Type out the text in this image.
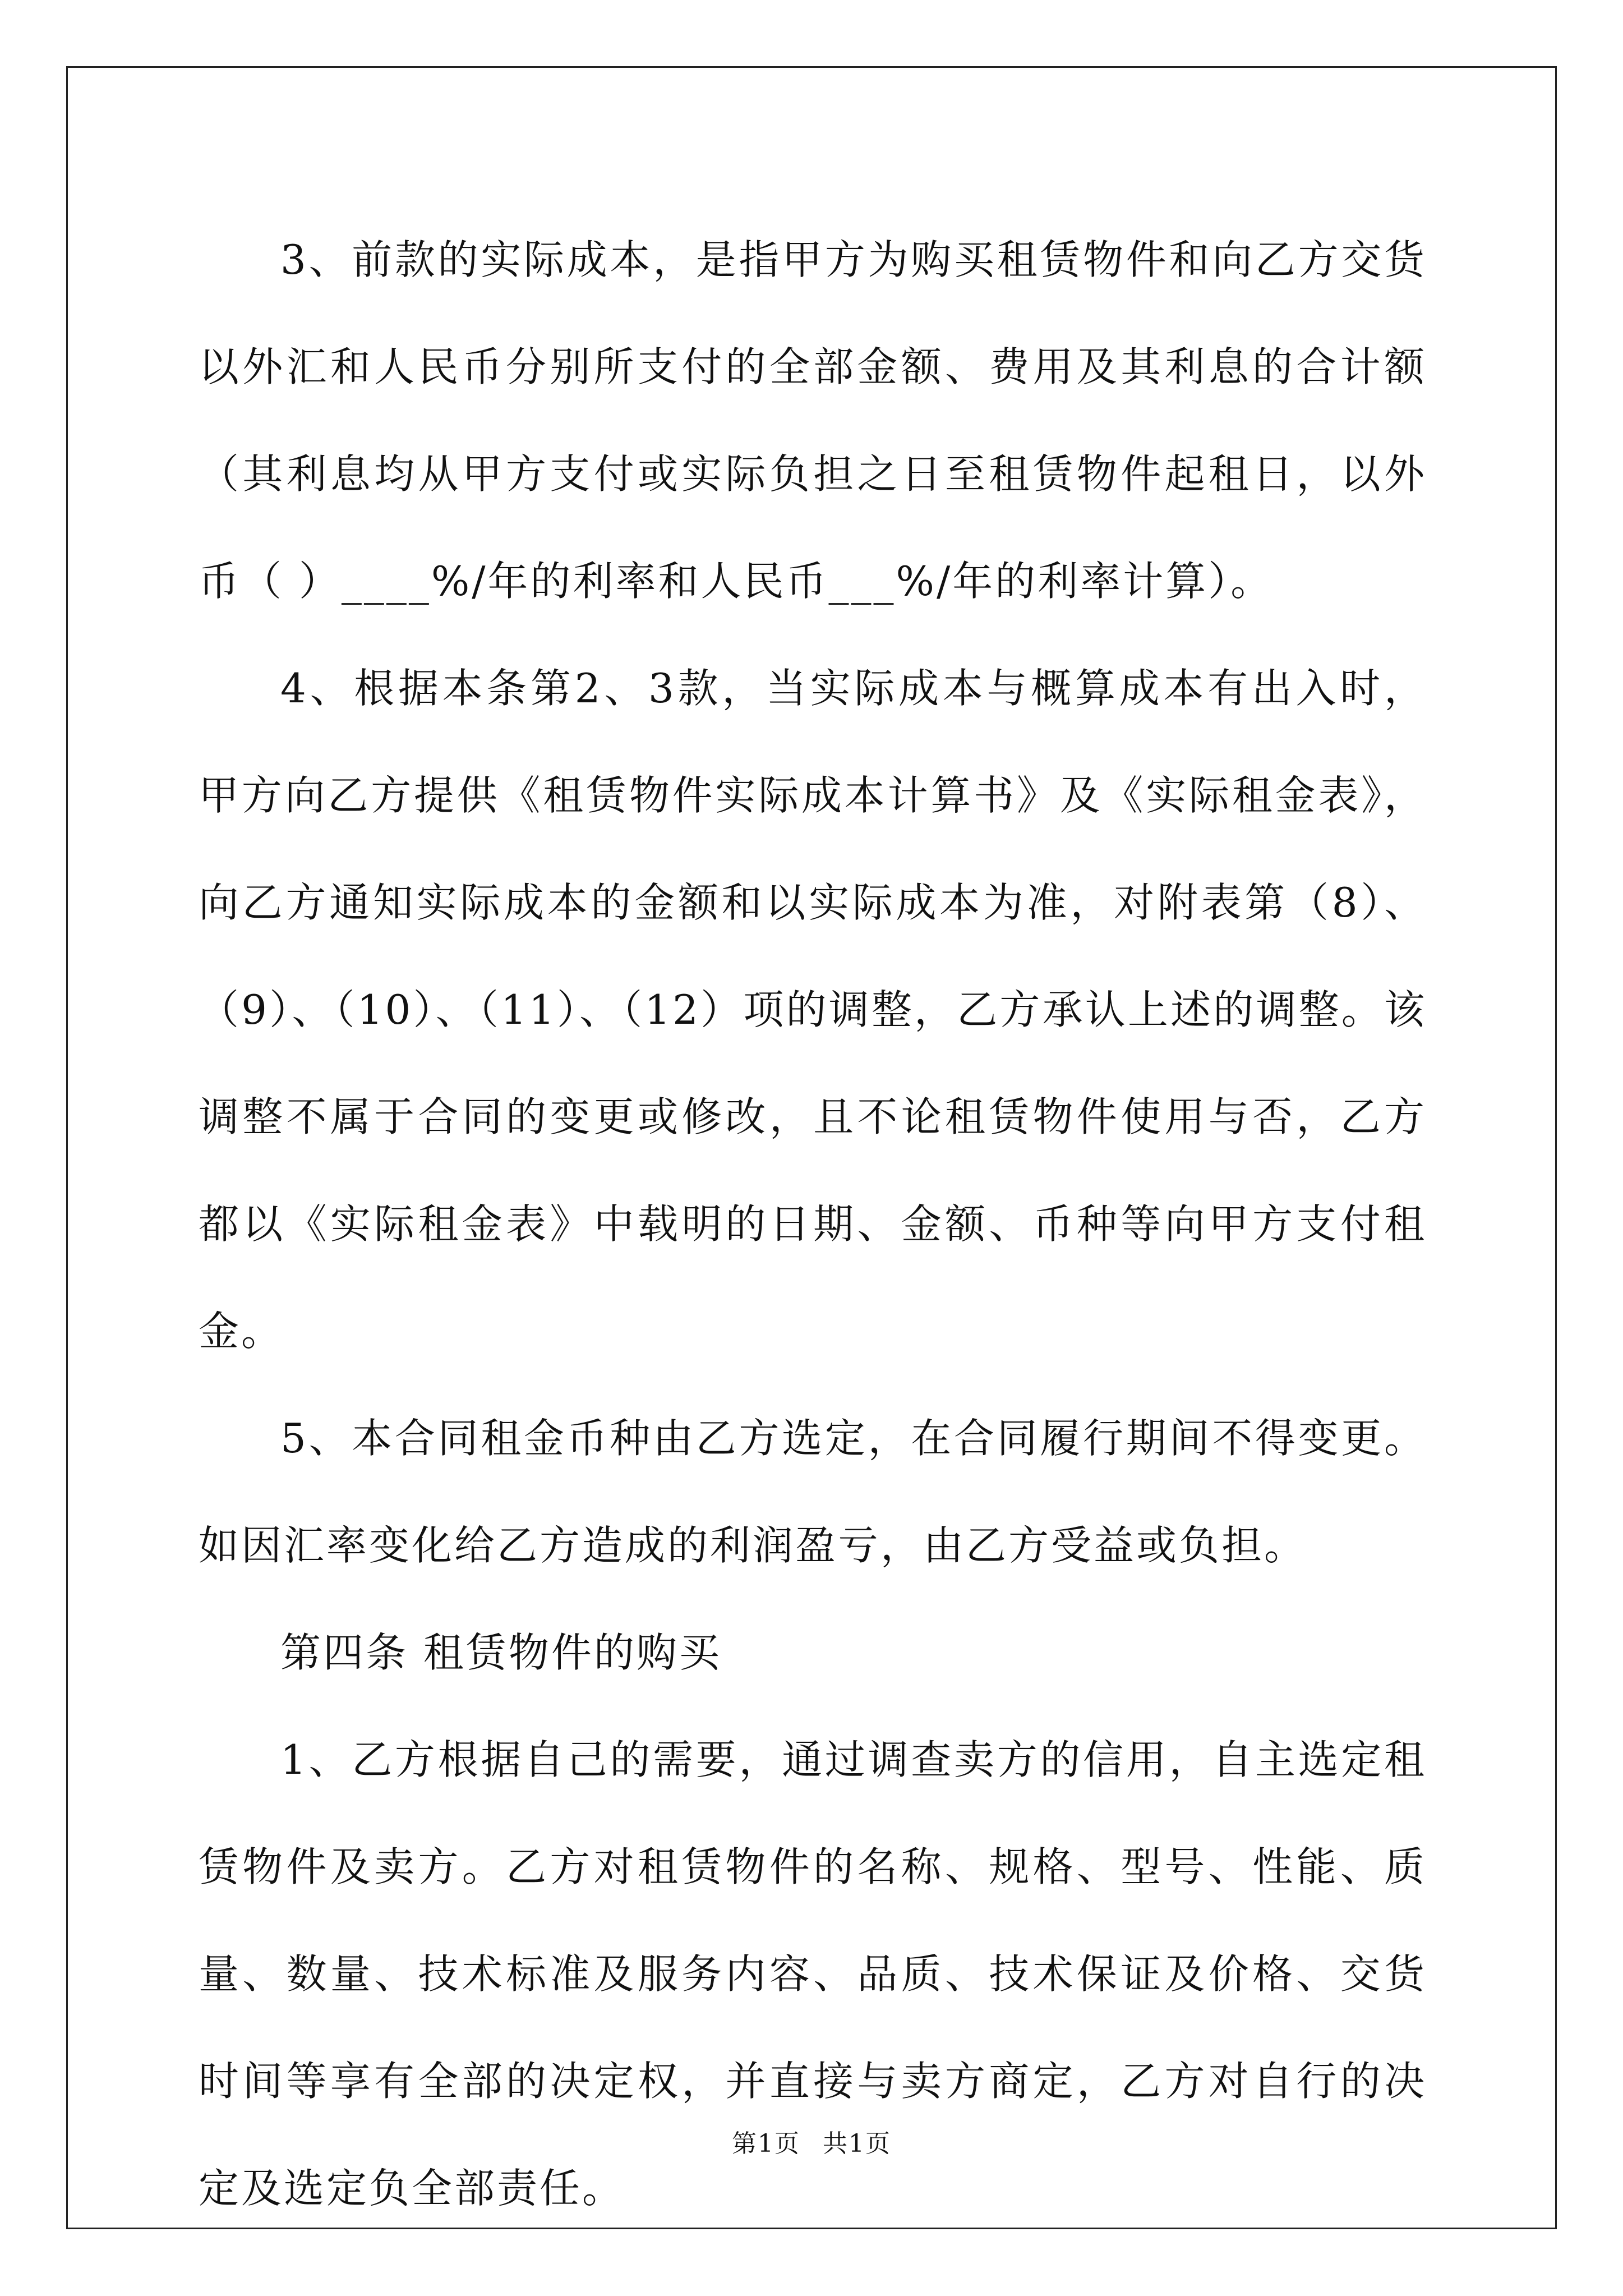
3、前款的实际成本，是指甲方为购买租赁物件和向乙方交货以外汇和人民币分别所支付的全部金额、费用及其利息的合计额（其利息均从甲方支付或实际负担之日至租赁物件起租日，以外币（ ）____%/年的利率和人民币___%/年的利率计算）。

4、根据本条第2、3款，当实际成本与概算成本有出入时，甲方向乙方提供《租赁物件实际成本计算书》及《实际租金表》，向乙方通知实际成本的金额和以实际成本为准，对附表第（8）、（9）、（10）、（11）、（12）项的调整，乙方承认上述的调整。该调整不属于合同的变更或修改，且不论租赁物件使用与否，乙方都以《实际租金表》中载明的日期、金额、币种等向甲方支付租金。

5、本合同租金币种由乙方选定，在合同履行期间不得变更。如因汇率变化给乙方造成的利润盈亏，由乙方受益或负担。

第四条 租赁物件的购买

1、乙方根据自己的需要，通过调查卖方的信用，自主选定租赁物件及卖方。乙方对租赁物件的名称、规格、型号、性能、质量、数量、技术标准及服务内容、品质、技术保证及价格、交货时间等享有全部的决定权，并直接与卖方商定，乙方对自行的决定及选定负全部责任。

第1页 共1页
